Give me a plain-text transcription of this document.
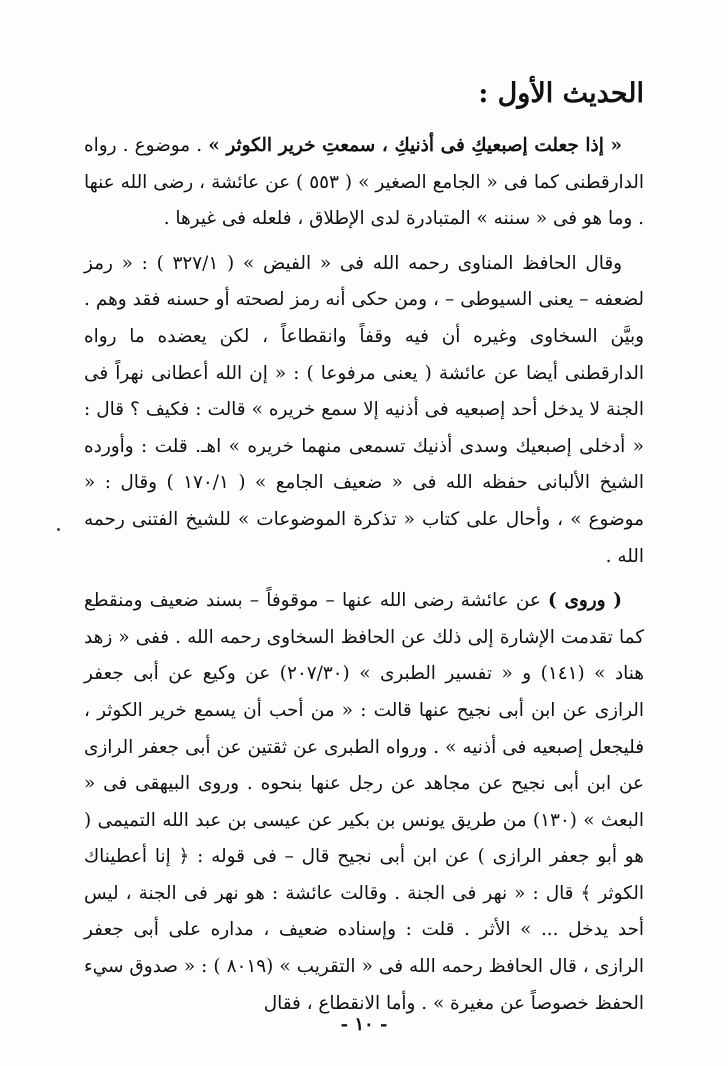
الحديث الأول :

« إذا جعلت إصبعيكِ فى أذنيكِ ، سمعتِ خرير الكوثر » . موضوع . رواه الدارقطنى كما فى « الجامع الصغير » ( ٥٥٣ ) عن عائشة ، رضى الله عنها . وما هو فى « سننه » المتبادرة لدى الإطلاق ، فلعله فى غيرها .

وقال الحافظ المناوى رحمه الله فى « الفيض » ( ٣٢٧/١ ) : « رمز لضعفه – يعنى السيوطى – ، ومن حكى أنه رمز لصحته أو حسنه فقد وهم . وبيَّن السخاوى وغيره أن فيه وقفاً وانقطاعاً ، لكن يعضده ما رواه الدارقطنى أيضا عن عائشة ( يعنى مرفوعا ) : « إن الله أعطانى نهراً فى الجنة لا يدخل أحد إصبعيه فى أذنيه إلا سمع خريره » قالت : فكيف ؟ قال : « أدخلى إصبعيك وسدى أذنيك تسمعى منهما خريره » اهـ. قلت : وأورده الشيخ الألبانى حفظه الله فى « ضعيف الجامع » ( ١٧٠/١ ) وقال : « موضوع » ، وأحال على كتاب « تذكرة الموضوعات » للشيخ الفتنى رحمه الله .

( وروى ) عن عائشة رضى الله عنها – موقوفاً – بسند ضعيف ومنقطع كما تقدمت الإشارة إلى ذلك عن الحافظ السخاوى رحمه الله . ففى « زهد هناد » (١٤١) و « تفسير الطبرى » (٢٠٧/٣٠) عن وكيع عن أبى جعفر الرازى عن ابن أبى نجيح عنها قالت : « من أحب أن يسمع خرير الكوثر ، فليجعل إصبعيه فى أذنيه » . ورواه الطبرى عن ثقتين عن أبى جعفر الرازى عن ابن أبى نجيح عن مجاهد عن رجل عنها بنحوه . وروى البيهقى فى « البعث » (١٣٠) من طريق يونس بن بكير عن عيسى بن عبد الله التميمى ( هو أبو جعفر الرازى ) عن ابن أبى نجيح قال – فى قوله : ﴿ إنا أعطيناك الكوثر ﴾ قال : « نهر فى الجنة . وقالت عائشة : هو نهر فى الجنة ، ليس أحد يدخل ... » الأثر . قلت : وإسناده ضعيف ، مداره على أبى جعفر الرازى ، قال الحافظ رحمه الله فى « التقريب » (٨٠١٩ ) : « صدوق سيء الحفظ خصوصاً عن مغيرة » . وأما الانقطاع ، فقال

- ١٠ -
